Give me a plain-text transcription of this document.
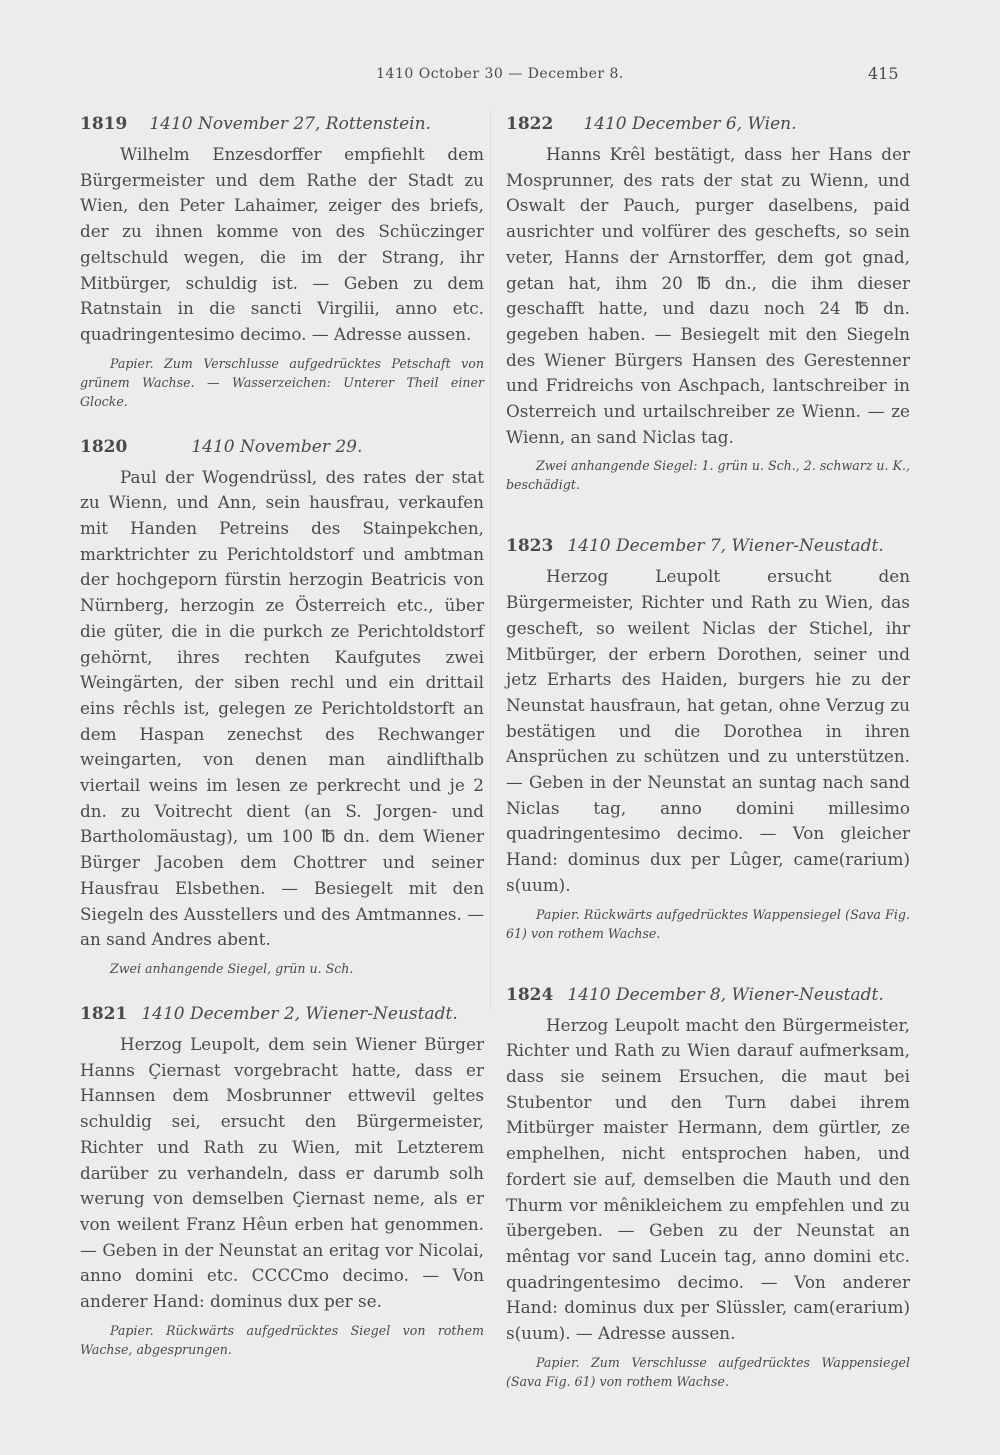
1410 October 30 — December 8.	415
1819 1410 November 27, Rottenstein.

Wilhelm Enzesdorffer empfiehlt dem Bürgermeister und dem Rathe der Stadt zu Wien, den Peter Lahaimer, zeiger des briefs, der zu ihnen komme von des Schüczinger geltschuld wegen, die im der Strang, ihr Mitbürger, schuldig ist. — Geben zu dem Ratnstain in die sancti Virgilii, anno etc. quadringentesimo decimo. — Adresse aussen.

Papier. Zum Verschlusse aufgedrücktes Petschaft von grünem Wachse. — Wasserzeichen: Unterer Theil einer Glocke.
1820	1410 November 29.

Paul der Wogendrüssl, des rates der stat zu Wienn, und Ann, sein hausfrau, verkaufen mit Handen Petreins des Stainpekchen, marktrichter zu Perichtoldstorf und ambtman der hochgeporn fürstin herzogin Beatricis von Nürnberg, herzogin ze Österreich etc., über die güter, die in die purkch ze Perichtoldstorf gehörnt, ihres rechten Kaufgutes zwei Weingärten, der siben rechl und ein drittail eins rêchls ist, gelegen ze Perichtoldstorft an dem Haspan zenechst des Rechwanger weingarten, von denen man aindlifthalb viertail weins im lesen ze perkrecht und je 2 dn. zu Voitrecht dient (an S. Jorgen- und Bartholomäustag), um 100 ℔ dn. dem Wiener Bürger Jacoben dem Chottrer und seiner Hausfrau Elsbethen. — Besiegelt mit den Siegeln des Ausstellers und des Amtmannes. — an sand Andres abent.

Zwei anhangende Siegel, grün u. Sch.
1821 1410 December 2, Wiener-Neustadt.

Herzog Leupolt, dem sein Wiener Bürger Hanns Çiernast vorgebracht hatte, dass er Hannsen dem Mosbrunner ettwevil geltes schuldig sei, ersucht den Bürgermeister, Richter und Rath zu Wien, mit Letzterem darüber zu verhandeln, dass er darumb solh werung von demselben Çiernast neme, als er von weilent Franz Hêun erben hat genommen. — Geben in der Neunstat an eritag vor Nicolai, anno domini etc. CCCCmo decimo. — Von anderer Hand: dominus dux per se.

Papier. Rückwärts aufgedrücktes Siegel von rothem Wachse, abgesprungen.
1822 1410 December 6, Wien.

Hanns Krêl bestätigt, dass her Hans der Mosprunner, des rats der stat zu Wienn, und Oswalt der Pauch, purger daselbens, paid ausrichter und volfürer des geschefts, so sein veter, Hanns der Arnstorffer, dem got gnad, getan hat, ihm 20 ℔ dn., die ihm dieser geschafft hatte, und dazu noch 24 ℔ dn. gegeben haben. — Besiegelt mit den Siegeln des Wiener Bürgers Hansen des Gerestenner und Fridreichs von Aschpach, lantschreiber in Osterreich und urtailschreiber ze Wienn. — ze Wienn, an sand Niclas tag.

Zwei anhangende Siegel: 1. grün u. Sch., 2. schwarz u. K., beschädigt.
1823 1410 December 7, Wiener-Neustadt.

Herzog Leupolt ersucht den Bürgermeister, Richter und Rath zu Wien, das gescheft, so weilent Niclas der Stichel, ihr Mitbürger, der erbern Dorothen, seiner und jetz Erharts des Haiden, burgers hie zu der Neunstat hausfraun, hat getan, ohne Verzug zu bestätigen und die Dorothea in ihren Ansprüchen zu schützen und zu unterstützen. — Geben in der Neunstat an suntag nach sand Niclas tag, anno domini millesimo quadringentesimo decimo. — Von gleicher Hand: dominus dux per Lûger, came(rarium) s(uum).

Papier. Rückwärts aufgedrücktes Wappensiegel (Sava Fig. 61) von rothem Wachse.
1824 1410 December 8, Wiener-Neustadt.

Herzog Leupolt macht den Bürgermeister, Richter und Rath zu Wien darauf aufmerksam, dass sie seinem Ersuchen, die maut bei Stubentor und den Turn dabei ihrem Mitbürger maister Hermann, dem gürtler, ze emphelhen, nicht entsprochen haben, und fordert sie auf, demselben die Mauth und den Thurm vor mênikleichem zu empfehlen und zu übergeben. — Geben zu der Neunstat an mêntag vor sand Lucein tag, anno domini etc. quadringentesimo decimo. — Von anderer Hand: dominus dux per Slüssler, cam(erarium) s(uum). — Adresse aussen.

Papier. Zum Verschlusse aufgedrücktes Wappensiegel (Sava Fig. 61) von rothem Wachse.
